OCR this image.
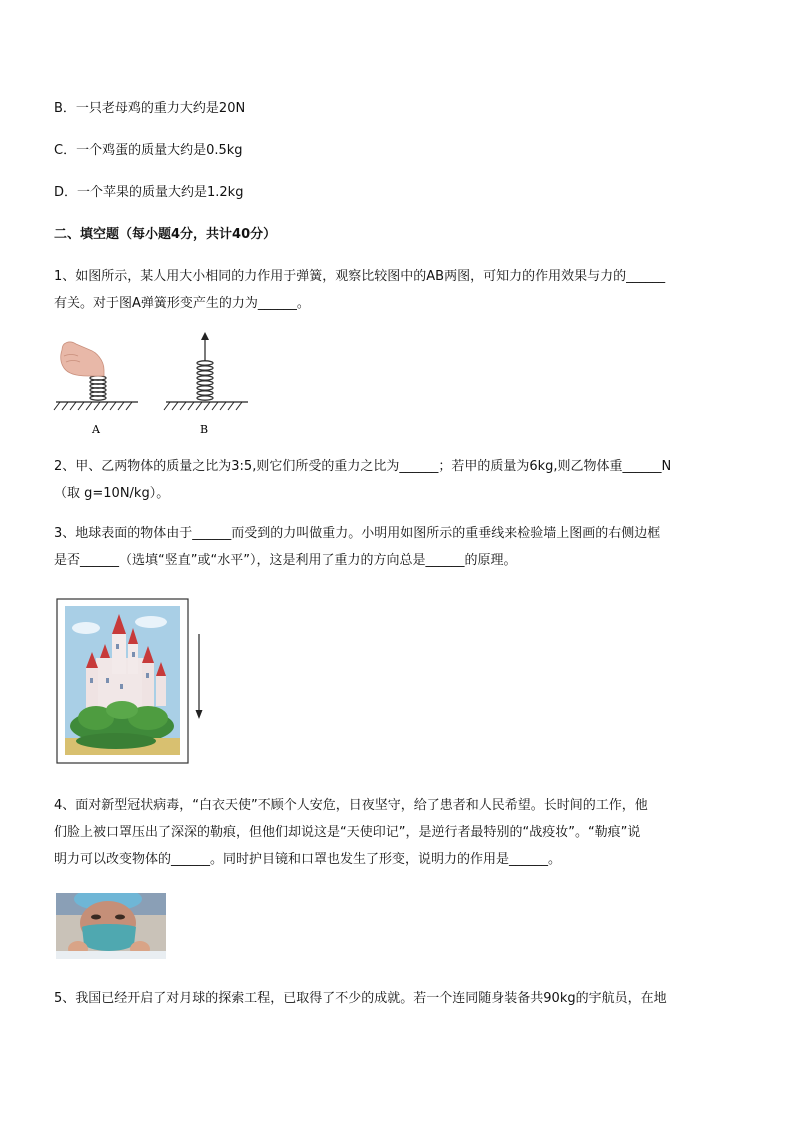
B．一只老母鸡的重力大约是20N
C．一个鸡蛋的质量大约是0.5kg
D．一个苹果的质量大约是1.2kg
二、填空题（每小题4分，共计40分）

1、如图所示，某人用大小相同的力作用于弹簧，观察比较图中的AB两图，可知力的作用效果与力的______

有关。对于图A弹簧形变产生的力为______。

A	B

2、甲、乙两物体的质量之比为3:5,则它们所受的重力之比为______；若甲的质量为6kg,则乙物体重______N

（取 g=10N/kg）。

3、地球表面的物体由于______而受到的力叫做重力。小明用如图所示的重垂线来检验墙上图画的右侧边框

是否______（选填“竖直”或“水平”），这是利用了重力的方向总是______的原理。

4、面对新型冠状病毒，“白衣天使”不顾个人安危，日夜坚守，给了患者和人民希望。长时间的工作，他

们脸上被口罩压出了深深的勒痕，但他们却说这是“天使印记”，是逆行者最特别的“战疫妆”。“勒痕”说

明力可以改变物体的______。同时护目镜和口罩也发生了形变，说明力的作用是______。

5、我国已经开启了对月球的探索工程，已取得了不少的成就。若一个连同随身装备共90kg的宇航员，在地
